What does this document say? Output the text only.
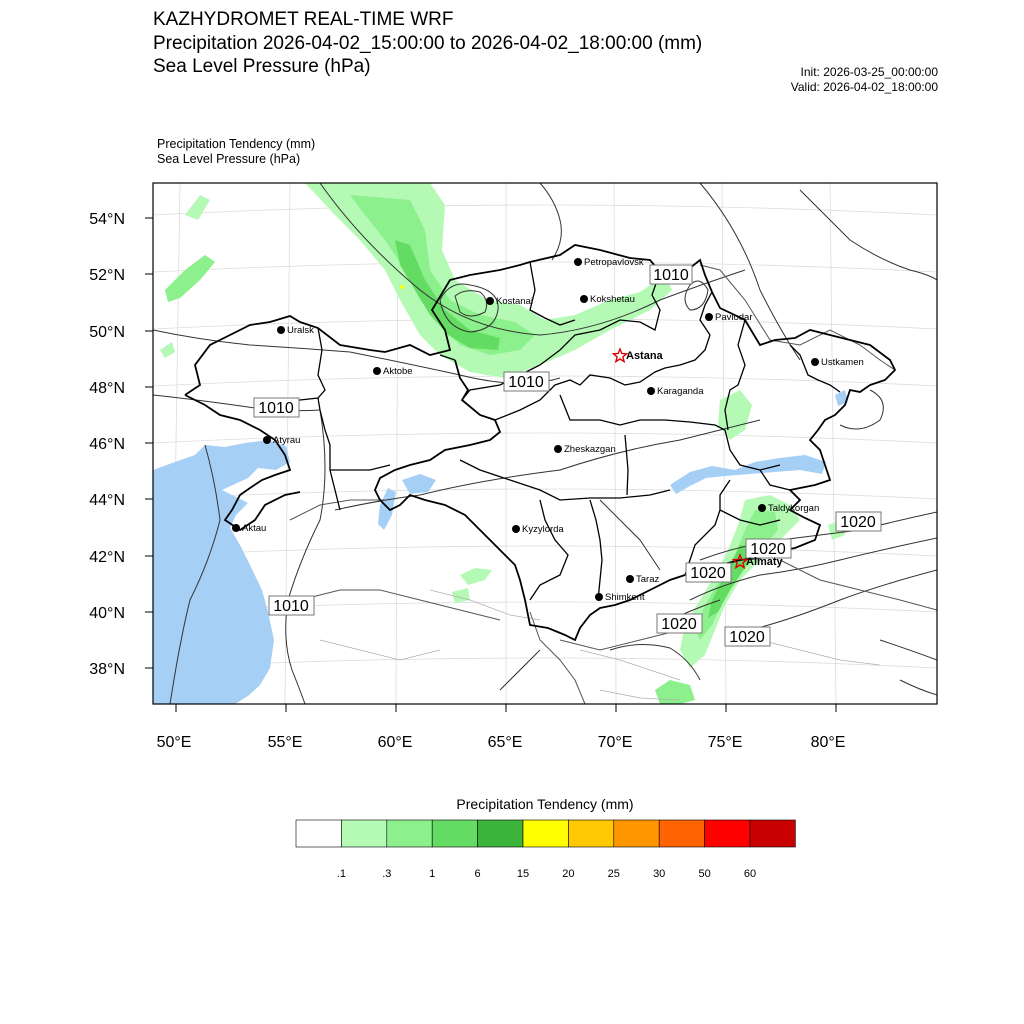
KAZHYDROMET REAL-TIME WRF
Precipitation 2026-04-02_15:00:00 to 2026-04-02_18:00:00 (mm)
Sea Level Pressure (hPa)	Init: 2026-03-25_00:00:00
Valid: 2026-04-02_18:00:00
Precipitation Tendency (mm)
Sea Level Pressure (hPa)
54°N
52°N
50°N
48°N
46°N
44°N
42°N
40°N
38°N
50°E	55°E	60°E	65°E	70°E	75°E	80°E
1010
1010
1010
1010
1020
1020
1020
1020
1020
Petropavlovsk
Kostanai	Kokshetau
Uralsk
Pavlodar
Aktobe
Ustkamen
Karaganda
Atyrau
Zheskazgan
Kyzylorda
Aktau
Taldykorgan
Taraz
Shimkent
Astana
Almaty
.1	.3	1	6	15	20	25	30	50	60
Precipitation Tendency (mm)
